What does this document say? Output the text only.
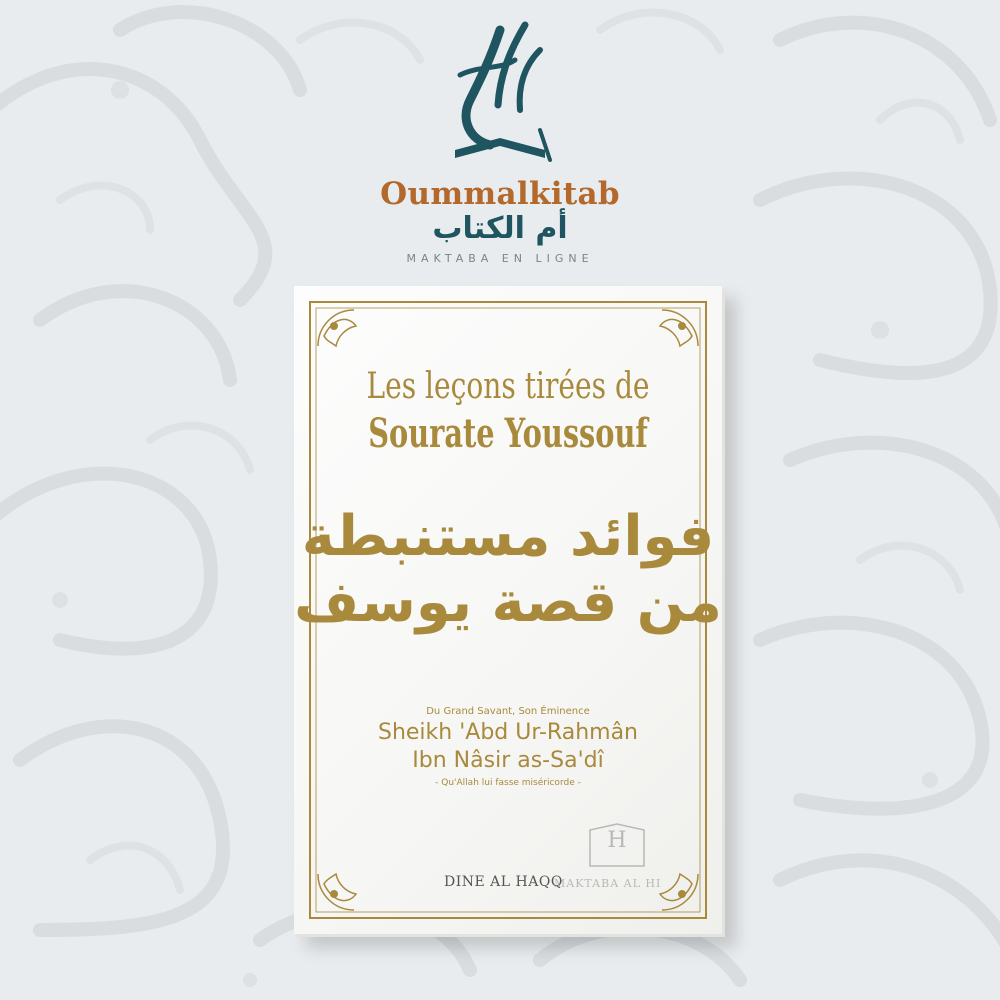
Oummalkitab
أم الكتاب
MAKTABA EN LIGNE
Les leçons tirées de
Sourate Youssouf
فوائد مستنبطة
من قصة يوسف
Du Grand Savant, Son Éminence
Sheikh 'Abd Ur-Rahmân
Ibn Nâsir as-Sa'dî
- Qu'Allah lui fasse miséricorde -
DINE AL HAQQ
H
MAKTABA AL HI
